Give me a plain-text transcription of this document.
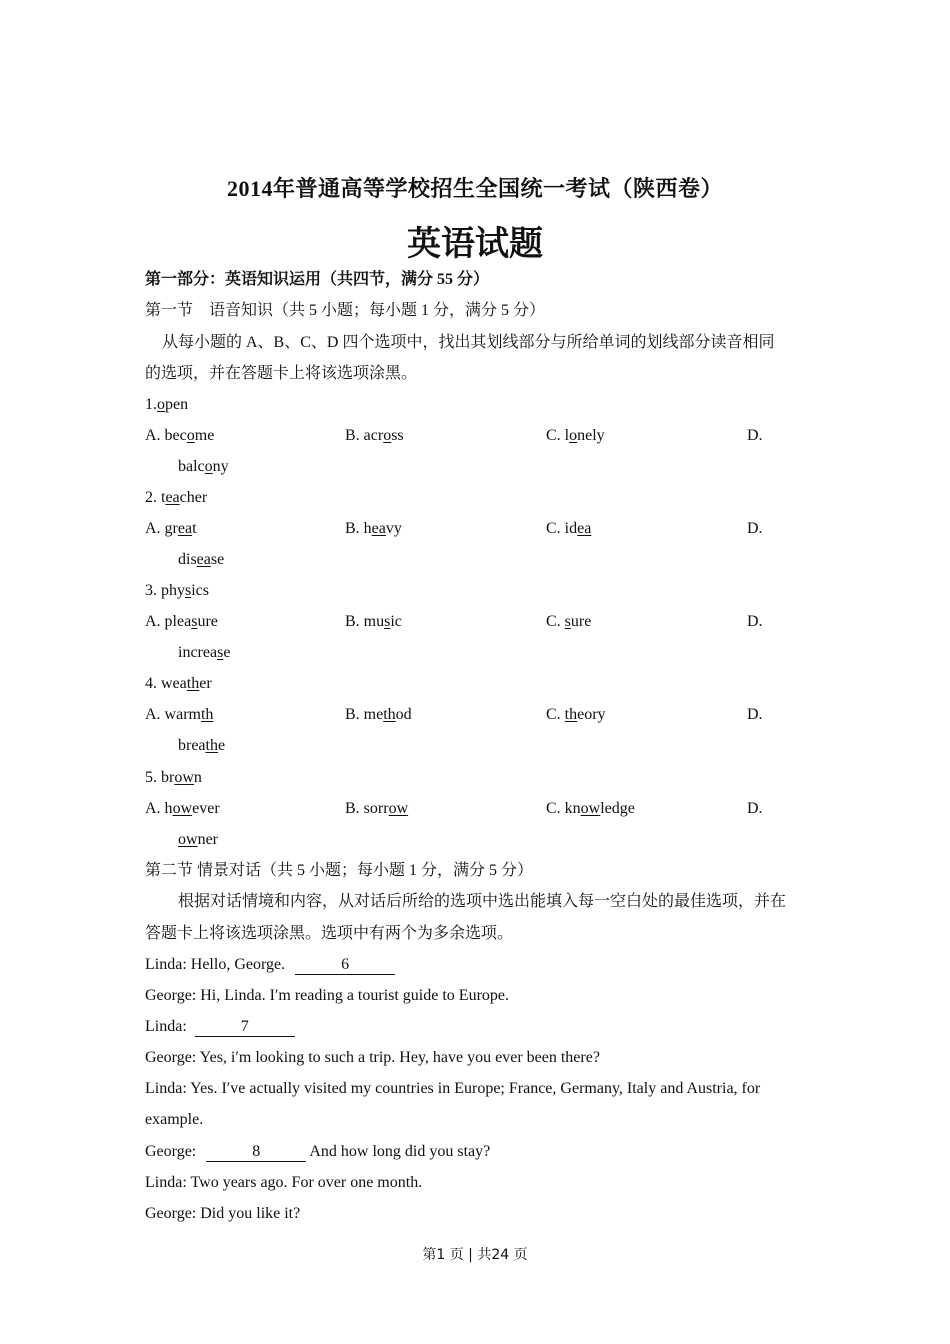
2014年普通高等学校招生全国统一考试（陕西卷）
英语试题
第一部分：英语知识运用（共四节，满分 55 分）
第一节　语音知识（共 5 小题；每小题 1 分，满分 5 分）
从每小题的 A、B、C、D 四个选项中，找出其划线部分与所给单词的划线部分读音相同
的选项，并在答题卡上将该选项涂黑。
1.open
A. become	B. across	C. lonely	D.
balcony
2. teacher
A. great	B. heavy	C. idea	D.
disease
3. physics
A. pleasure	B. music	C. sure	D.
increase
4. weather
A. warmth	B. method	C. theory	D.
breathe
5. brown
A. however	B. sorrow	C. knowledge	D.
owner
第二节 情景对话（共 5 小题；每小题 1 分，满分 5 分）
根据对话情境和内容，从对话后所给的选项中选出能填入每一空白处的最佳选项，并在
答题卡上将该选项涂黑。选项中有两个为多余选项。
Linda: Hello, George.	6
George: Hi, Linda. I′m reading a tourist guide to Europe.
Linda:	7
George: Yes, i′m looking to such a trip. Hey, have you ever been there?
Linda: Yes. I′ve actually visited my countries in Europe; France, Germany, Italy and Austria, for
example.
George:	8	And how long did you stay?
Linda: Two years ago. For over one month.
George: Did you like it?
第1 页 | 共24 页
